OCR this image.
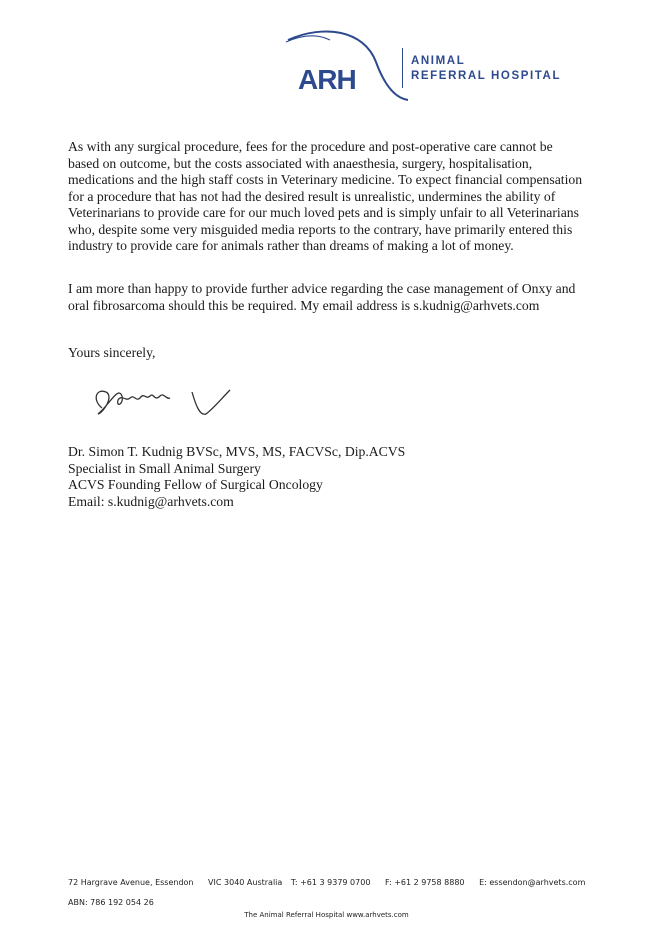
ARH
ANIMAL
REFERRAL HOSPITAL

As with any surgical procedure, fees for the procedure and post-operative care cannot be based on outcome, but the costs associated with anaesthesia, surgery, hospitalisation, medications and the high staff costs in Veterinary medicine. To expect financial compensation for a procedure that has not had the desired result is unrealistic, undermines the ability of Veterinarians to provide care for our much loved pets and is simply unfair to all Veterinarians who, despite some very misguided media reports to the contrary, have primarily entered this industry to provide care for animals rather than dreams of making a lot of money.

I am more than happy to provide further advice regarding the case management of Onxy and oral fibrosarcoma should this be required. My email address is s.kudnig@arhvets.com

Yours sincerely,
Dr. Simon T. Kudnig BVSc, MVS, MS, FACVSc, Dip.ACVS
Specialist in Small Animal Surgery
ACVS Founding Fellow of Surgical Oncology
Email: s.kudnig@arhvets.com
72 Hargrave Avenue, Essendon VIC 3040 Australia T: +61 3 9379 0700 F: +61 2 9758 8880 E: essendon@arhvets.com
ABN: 786 192 054 26
The Animal Referral Hospital www.arhvets.com
